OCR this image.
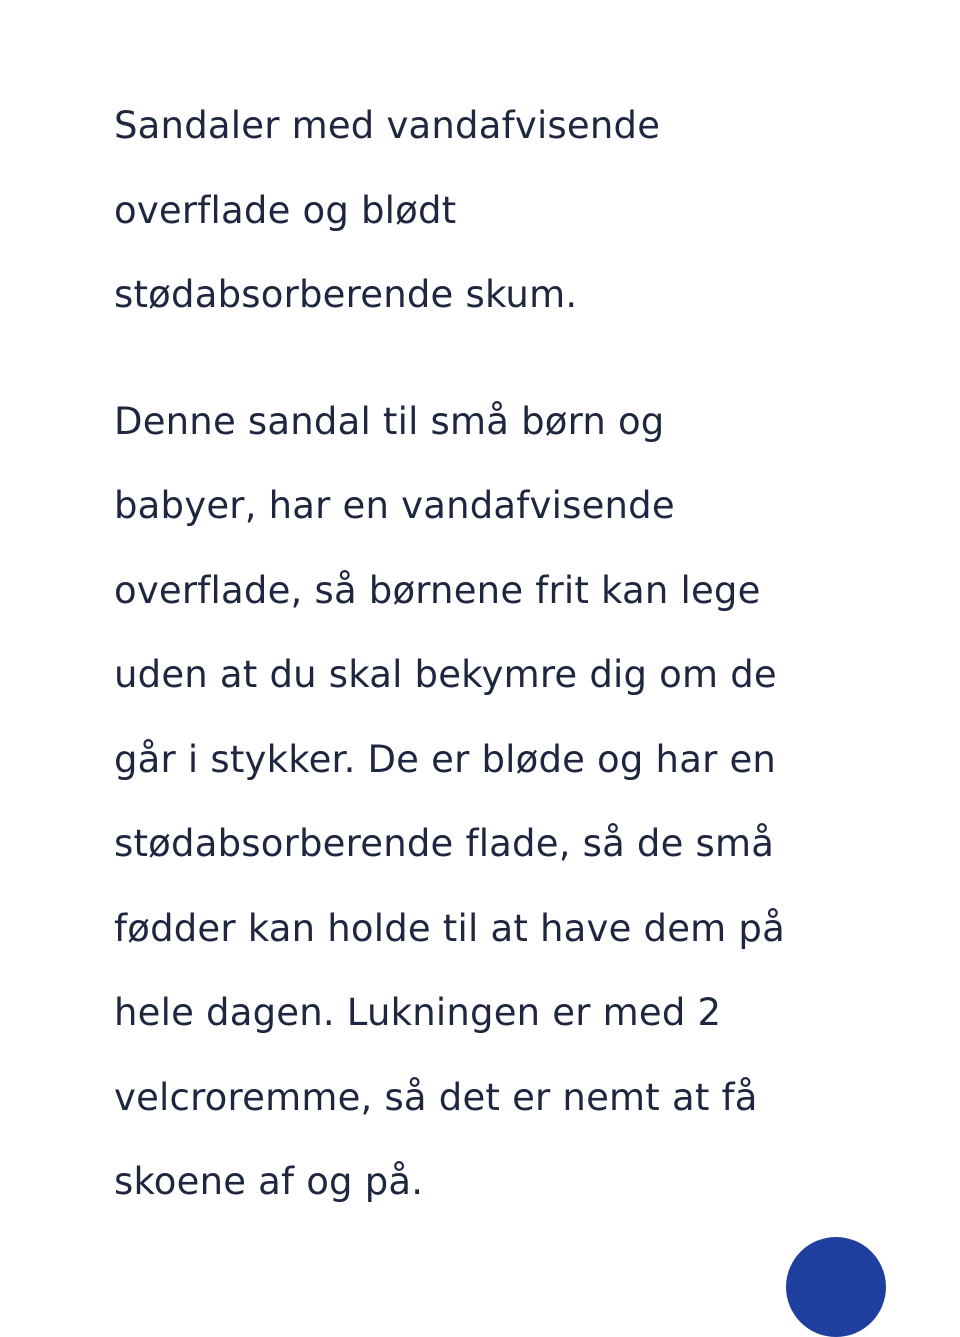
Sandaler med vandafvisende
overflade og blødt
stødabsorberende skum.

Denne sandal til små børn og
babyer, har en vandafvisende
overflade, så børnene frit kan lege
uden at du skal bekymre dig om de
går i stykker. De er bløde og har en
stødabsorberende flade, så de små
fødder kan holde til at have dem på
hele dagen. Lukningen er med 2
velcroremme, så det er nemt at få
skoene af og på.
